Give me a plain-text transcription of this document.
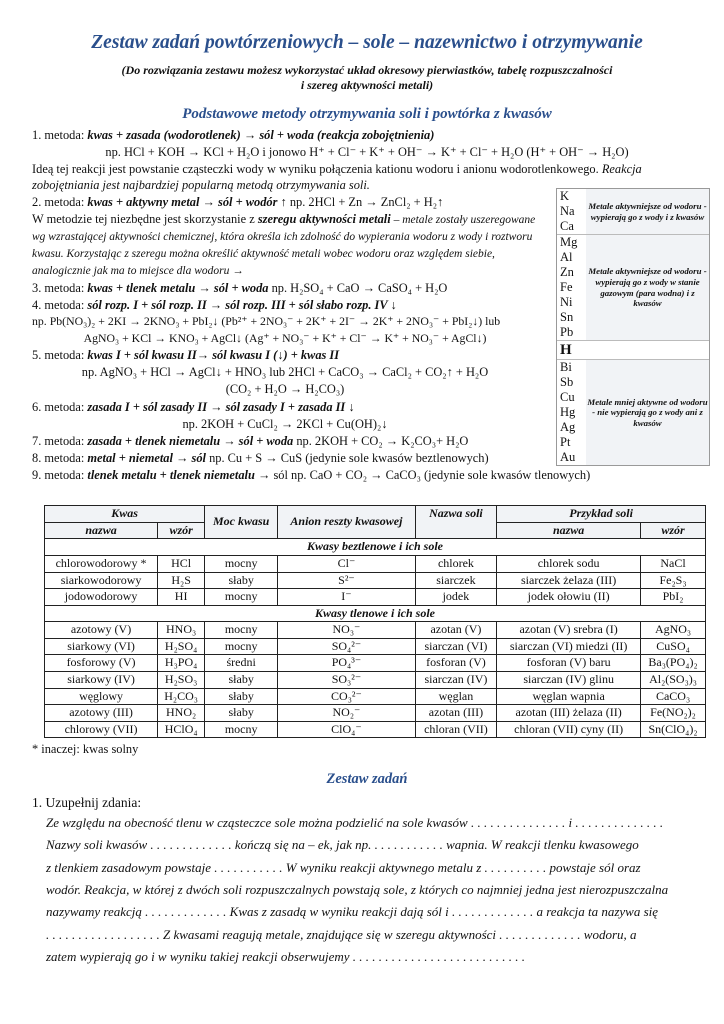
Zestaw zadań powtórzeniowych – sole – nazewnictwo i otrzymywanie
(Do rozwiązania zestawu możesz wykorzystać układ okresowy pierwiastków, tabelę rozpuszczalności
i szereg aktywności metali)
Podstawowe metody otrzymywania soli i powtórka z kwasów
1. metoda: kwas + zasada (wodorotlenek) → sól + woda (reakcja zobojętnienia)
np. HCl + KOH → KCl + H₂O i jonowo H⁺ + Cl⁻ + K⁺ + OH⁻ → K⁺ + Cl⁻ + H₂O (H⁺ + OH⁻ → H₂O)
Ideą tej reakcji jest powstanie cząsteczki wody w wyniku połączenia kationu wodoru i anionu wodorotlenkowego. Reakcja zobojętniania jest najbardziej popularną metodą otrzymywania soli.
2. metoda: kwas + aktywny metal → sól + wodór ↑ np. 2HCl + Zn → ZnCl₂ + H₂↑
W metodzie tej niezbędne jest skorzystanie z szeregu aktywności metali – metale zostały uszeregowane wg wzrastającej aktywności chemicznej, która określa ich zdolność do wypierania wodoru z wody i roztworu kwasu. Korzystając z szeregu można określić aktywność metali wobec wodoru oraz względem siebie, analogicznie jak ma to miejsce dla wodoru →
3. metoda: kwas + tlenek metalu → sól + woda np. H₂SO₄ + CaO → CaSO₄ + H₂O
4. metoda: sól rozp. I + sól rozp. II → sól rozp. III + sól słabo rozp. IV ↓
np. Pb(NO₃)₂ + 2KI → 2KNO₃ + PbI₂↓ (Pb²⁺ + 2NO₃⁻ + 2K⁺ + 2I⁻ → 2K⁺ + 2NO₃⁻ + PbI₂↓) lub
AgNO₃ + KCl → KNO₃ + AgCl↓ (Ag⁺ + NO₃⁻ + K⁺ + Cl⁻ → K⁺ + NO₃⁻ + AgCl↓)
5. metoda: kwas I + sól kwasu II→ sól kwasu I (↓) + kwas II
np. AgNO₃ + HCl → AgCl↓ + HNO₃ lub 2HCl + CaCO₃ → CaCl₂ + CO₂↑ + H₂O
(CO₂ + H₂O → H₂CO₃)
6. metoda: zasada I + sól zasady II → sól zasady I + zasada II ↓
np. 2KOH + CuCl₂ → 2KCl + Cu(OH)₂↓
7. metoda: zasada + tlenek niemetalu → sól + woda np. 2KOH + CO₂ → K₂CO₃+ H₂O
8. metoda: metal + niemetal → sól np. Cu + S → CuS (jedynie sole kwasów beztlenowych)
9. metoda: tlenek metalu + tlenek niemetalu → sól np. CaO + CO₂ → CaCO₃ (jedynie sole kwasów tlenowych)
K
Na
Ca
Metale aktywniejsze od wodoru - wypierają go z wody i z kwasów
Mg
Al
Zn
Fe
Ni
Sn
Pb
Metale aktywniejsze od wodoru - wypierają go z wody w stanie gazowym (para wodna) i z kwasów
H
Bi
Sb
Cu
Hg
Ag
Pt
Au
Metale mniej aktywne od wodoru - nie wypierają go z wody ani z kwasów
Kwas		Moc kwasu	Anion reszty kwasowej	Nazwa soli	Przykład soli	
nazwa	wzór				nazwa	wzór
Kwasy beztlenowe i ich sole						
chlorowodorowy *	HCl	mocny	Cl⁻	chlorek	chlorek sodu	NaCl
siarkowodorowy	H₂S	słaby	S²⁻	siarczek	siarczek żelaza (III)	Fe₂S₃
jodowodorowy	HI	mocny	I⁻	jodek	jodek ołowiu (II)	PbI₂
Kwasy tlenowe i ich sole						
azotowy (V)	HNO₃	mocny	NO₃⁻	azotan (V)	azotan (V) srebra (I)	AgNO₃
siarkowy (VI)	H₂SO₄	mocny	SO₄²⁻	siarczan (VI)	siarczan (VI) miedzi (II)	CuSO₄
fosforowy (V)	H₃PO₄	średni	PO₄³⁻	fosforan (V)	fosforan (V) baru	Ba₃(PO₄)₂
siarkowy (IV)	H₂SO₃	słaby	SO₃²⁻	siarczan (IV)	siarczan (IV) glinu	Al₂(SO₃)₃
węglowy	H₂CO₃	słaby	CO₃²⁻	węglan	węglan wapnia	CaCO₃
azotowy (III)	HNO₂	słaby	NO₂⁻	azotan (III)	azotan (III) żelaza (II)	Fe(NO₂)₂
chlorowy (VII)	HClO₄	mocny	ClO₄⁻	chloran (VII)	chloran (VII) cyny (II)	Sn(ClO₄)₂
* inaczej: kwas solny
Zestaw zadań
1. Uzupełnij zdania:
Ze względu na obecność tlenu w cząsteczce sole można podzielić na sole kwasów . . . . . . . . . . . . . . . i . . . . . . . . . . . . . .
Nazwy soli kwasów . . . . . . . . . . . . . kończą się na – ek, jak np. . . . . . . . . . . . wapnia. W reakcji tlenku kwasowego
z tlenkiem zasadowym powstaje . . . . . . . . . . . W wyniku reakcji aktywnego metalu z . . . . . . . . . . powstaje sól oraz
wodór. Reakcja, w której z dwóch soli rozpuszczalnych powstają sole, z których co najmniej jedna jest nierozpuszczalna
nazywamy reakcją . . . . . . . . . . . . . Kwas z zasadą w wyniku reakcji dają sól i . . . . . . . . . . . . . a reakcja ta nazywa się
. . . . . . . . . . . . . . . . . . Z kwasami reagują metale, znajdujące się w szeregu aktywności . . . . . . . . . . . . . wodoru, a
zatem wypierają go i w wyniku takiej reakcji obserwujemy . . . . . . . . . . . . . . . . . . . . . . . . . . .
